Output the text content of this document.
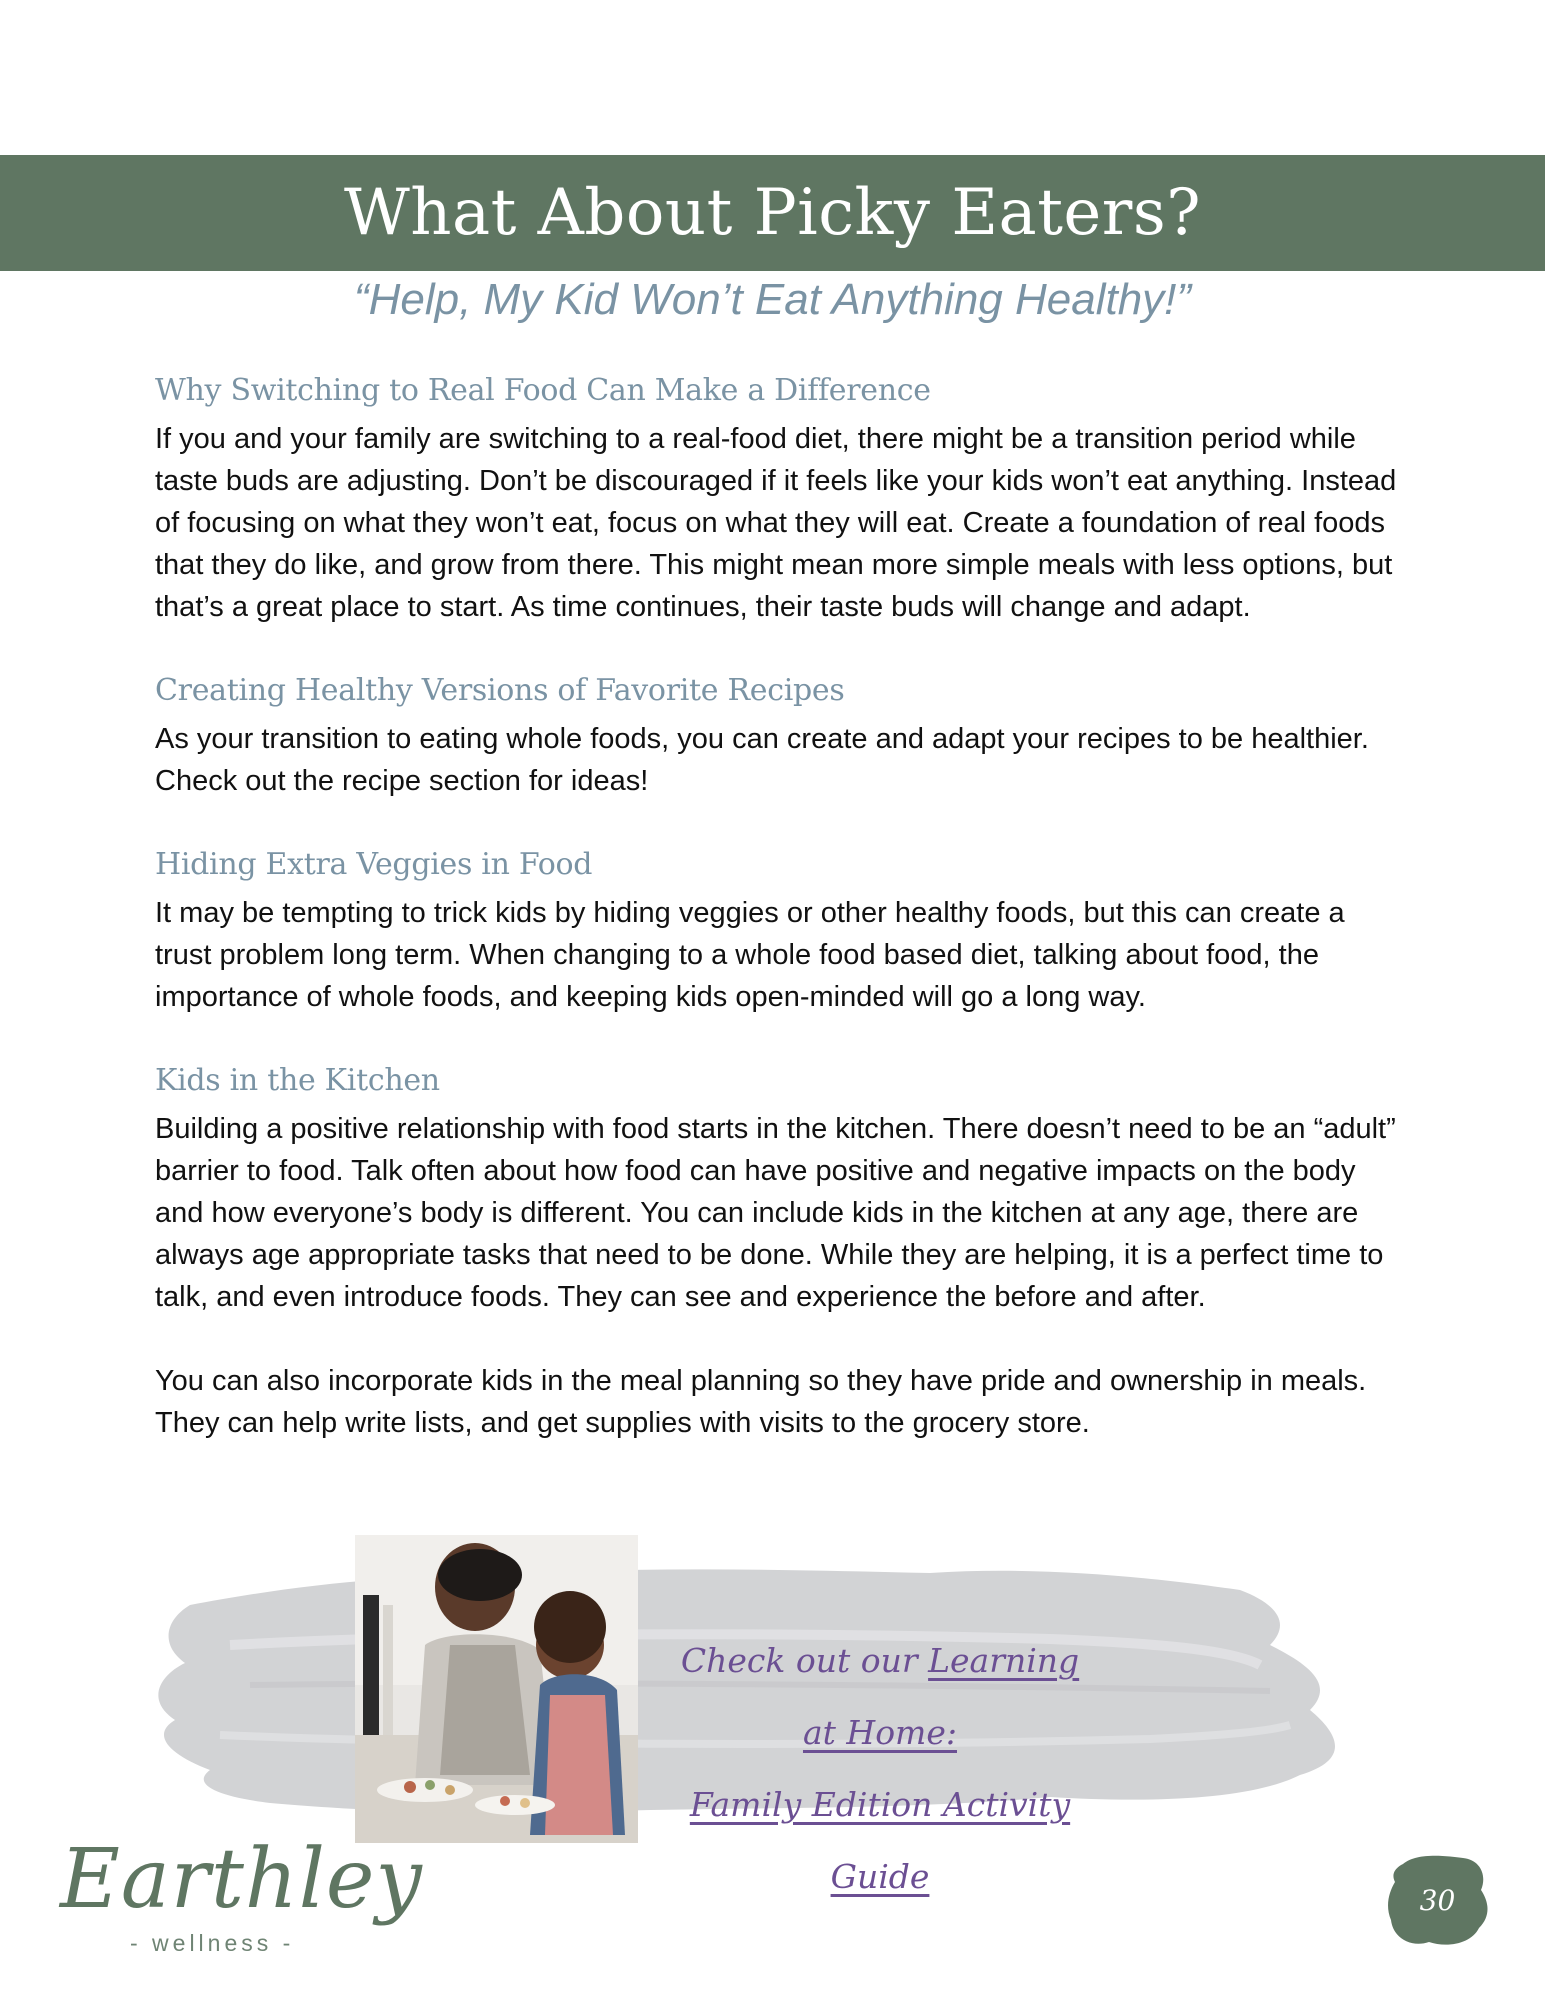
What About Picky Eaters?
“Help, My Kid Won’t Eat Anything Healthy!”
Why Switching to Real Food Can Make a Difference

If you and your family are switching to a real-food diet, there might be a transition period while taste buds are adjusting. Don’t be discouraged if it feels like your kids won’t eat anything. Instead of focusing on what they won’t eat, focus on what they will eat. Create a foundation of real foods that they do like, and grow from there. This might mean more simple meals with less options, but that’s a great place to start. As time continues, their taste buds will change and adapt.

Creating Healthy Versions of Favorite Recipes

As your transition to eating whole foods, you can create and adapt your recipes to be healthier. Check out the recipe section for ideas!

Hiding Extra Veggies in Food

It may be tempting to trick kids by hiding veggies or other healthy foods, but this can create a trust problem long term. When changing to a whole food based diet, talking about food, the importance of whole foods, and keeping kids open-minded will go a long way.

Kids in the Kitchen

Building a positive relationship with food starts in the kitchen. There doesn’t need to be an “adult” barrier to food. Talk often about how food can have positive and negative impacts on the body and how everyone’s body is different. You can include kids in the kitchen at any age, there are always age appropriate tasks that need to be done. While they are helping, it is a perfect time to talk, and even introduce foods. They can see and experience the before and after.

You can also incorporate kids in the meal planning so they have pride and ownership in meals. They can help write lists, and get supplies with visits to the grocery store.

Check out our Learning at Home:
Family Edition Activity Guide
Earthley
- wellness -
30
